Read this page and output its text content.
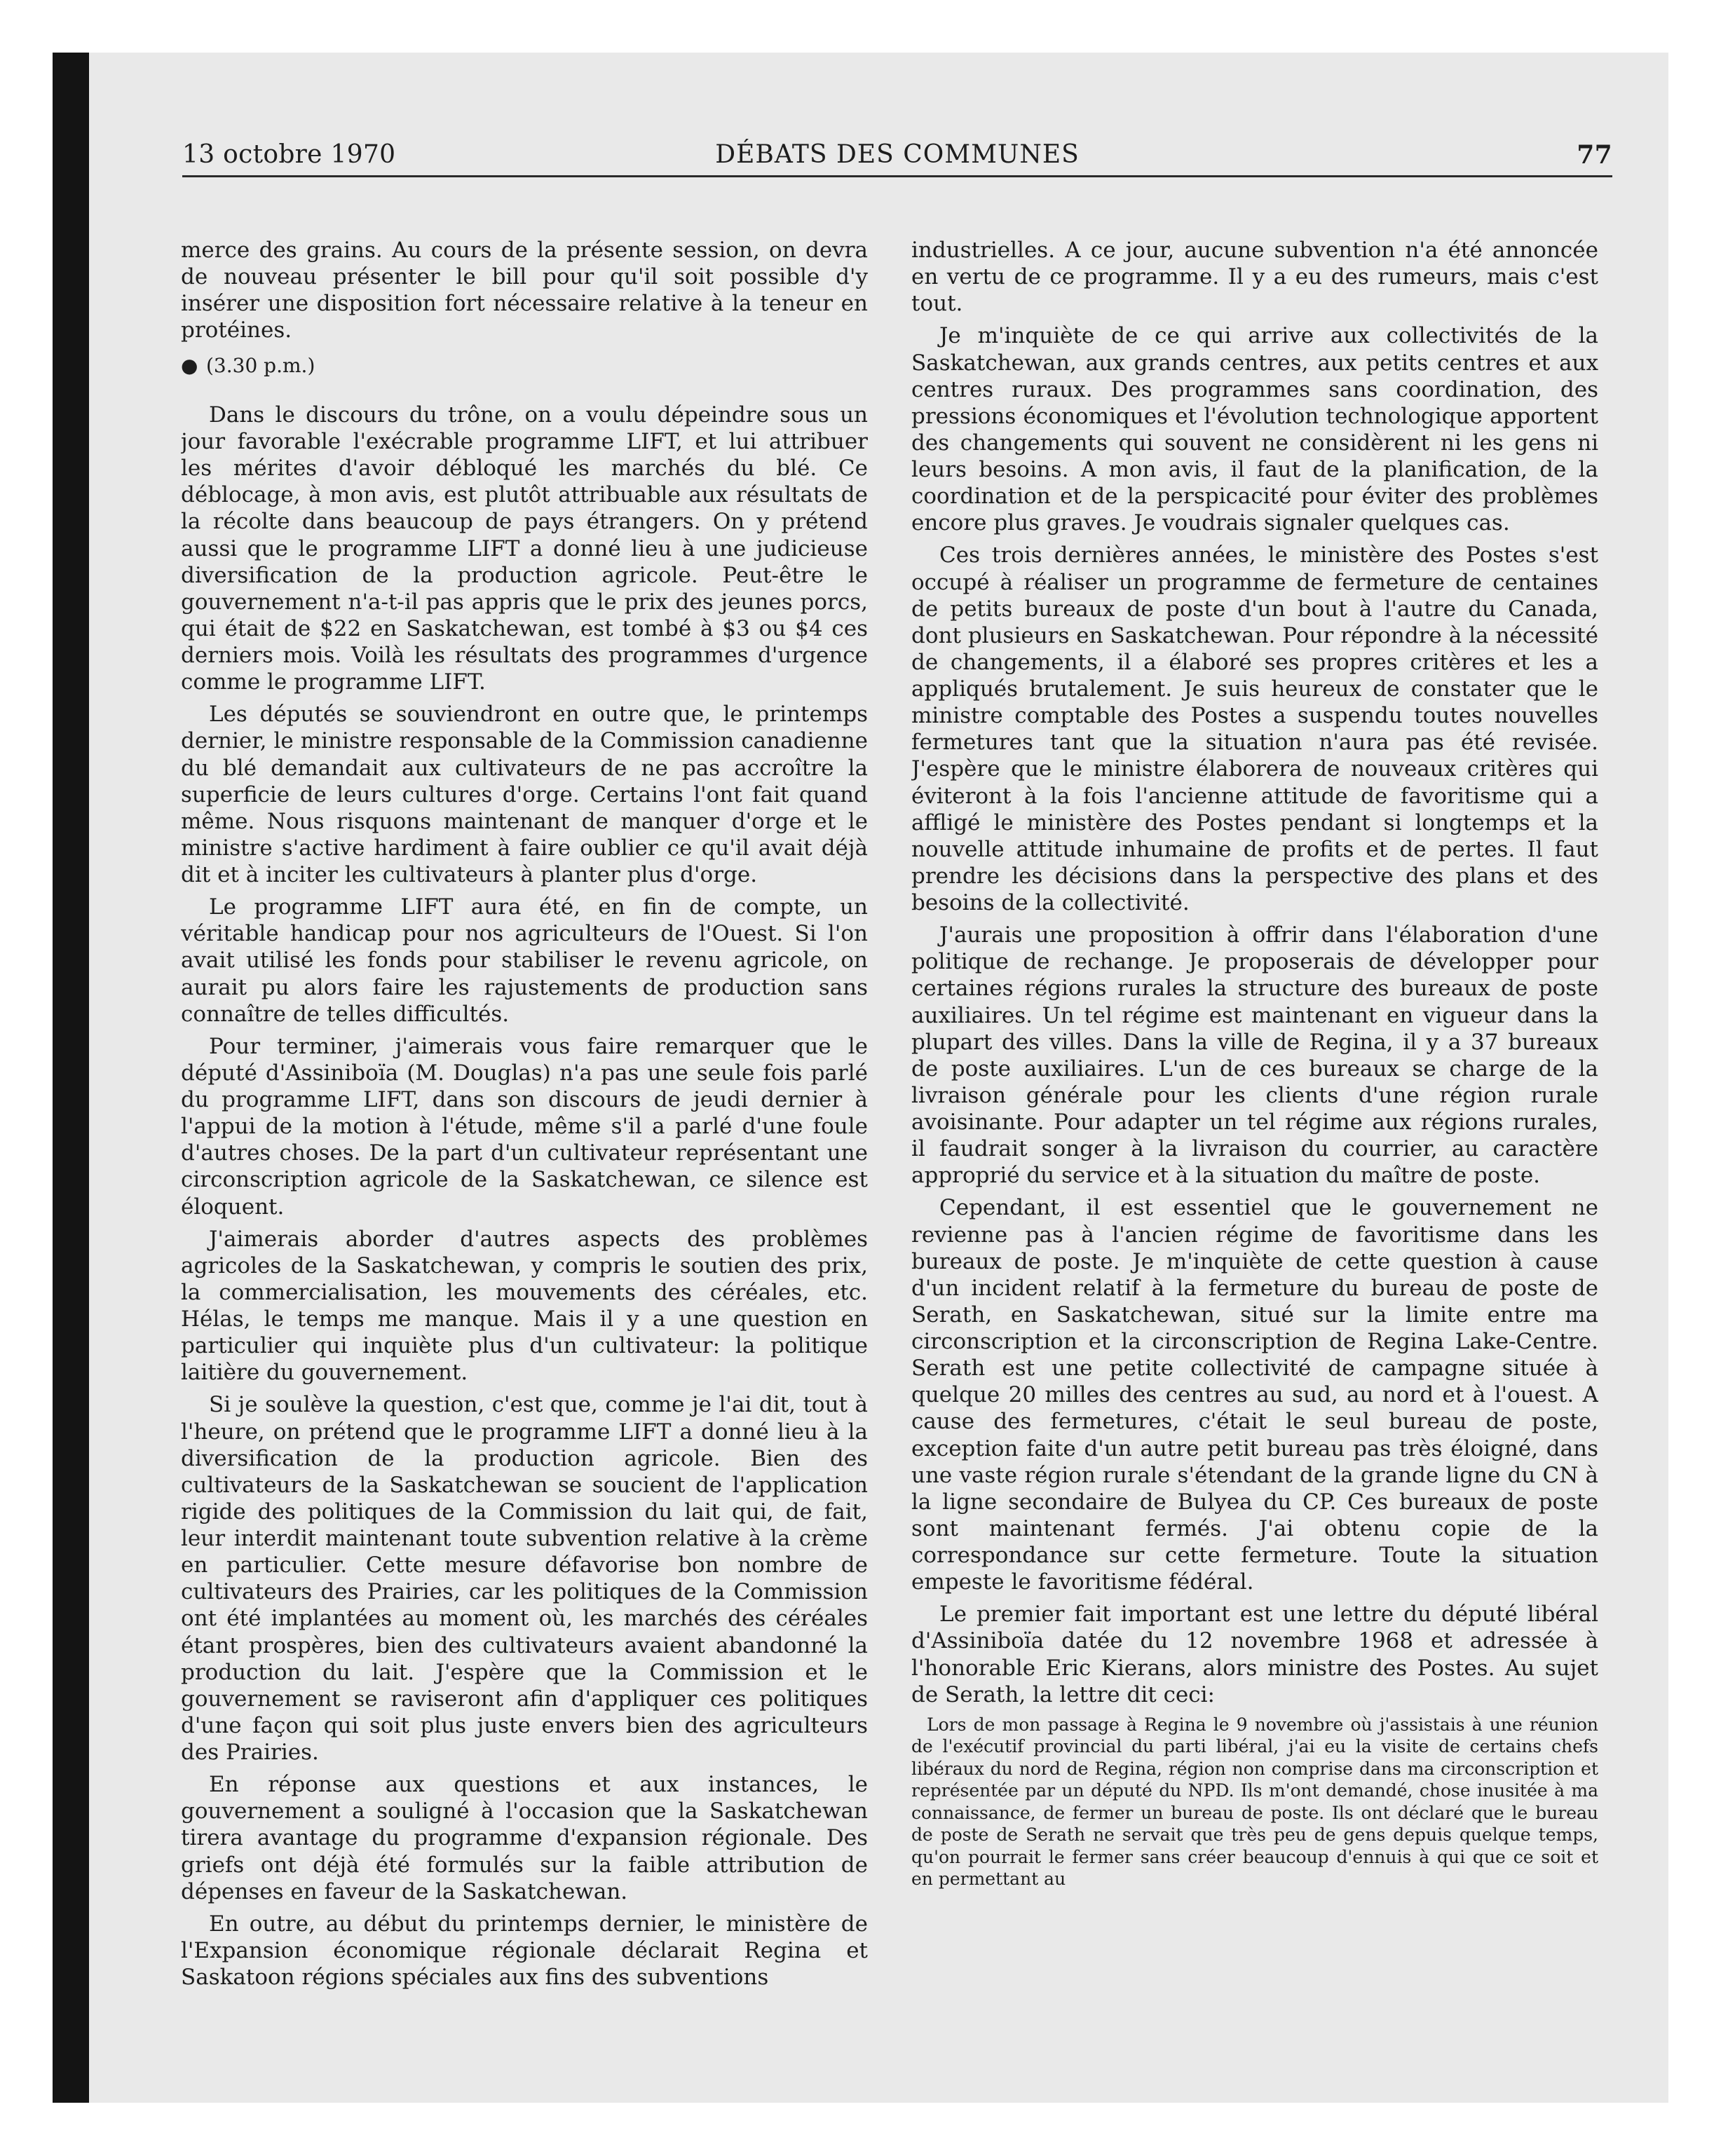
13 octobre 1970	DÉBATS DES COMMUNES	77

merce des grains. Au cours de la présente session, on devra de nouveau présenter le bill pour qu'il soit possible d'y insérer une disposition fort nécessaire relative à la teneur en protéines.

● (3.30 p.m.)

Dans le discours du trône, on a voulu dépeindre sous un jour favorable l'exécrable programme LIFT, et lui attribuer les mérites d'avoir débloqué les marchés du blé. Ce déblocage, à mon avis, est plutôt attribuable aux résultats de la récolte dans beaucoup de pays étrangers. On y prétend aussi que le programme LIFT a donné lieu à une judicieuse diversification de la production agricole. Peut-être le gouvernement n'a-t-il pas appris que le prix des jeunes porcs, qui était de $22 en Saskatchewan, est tombé à $3 ou $4 ces derniers mois. Voilà les résultats des programmes d'urgence comme le programme LIFT.

Les députés se souviendront en outre que, le printemps dernier, le ministre responsable de la Commission canadienne du blé demandait aux cultivateurs de ne pas accroître la superficie de leurs cultures d'orge. Certains l'ont fait quand même. Nous risquons maintenant de manquer d'orge et le ministre s'active hardiment à faire oublier ce qu'il avait déjà dit et à inciter les cultivateurs à planter plus d'orge.

Le programme LIFT aura été, en fin de compte, un véritable handicap pour nos agriculteurs de l'Ouest. Si l'on avait utilisé les fonds pour stabiliser le revenu agricole, on aurait pu alors faire les rajustements de production sans connaître de telles difficultés.

Pour terminer, j'aimerais vous faire remarquer que le député d'Assiniboïa (M. Douglas) n'a pas une seule fois parlé du programme LIFT, dans son discours de jeudi dernier à l'appui de la motion à l'étude, même s'il a parlé d'une foule d'autres choses. De la part d'un cultivateur représentant une circonscription agricole de la Saskatchewan, ce silence est éloquent.

J'aimerais aborder d'autres aspects des problèmes agricoles de la Saskatchewan, y compris le soutien des prix, la commercialisation, les mouvements des céréales, etc. Hélas, le temps me manque. Mais il y a une question en particulier qui inquiète plus d'un cultivateur: la politique laitière du gouvernement.

Si je soulève la question, c'est que, comme je l'ai dit, tout à l'heure, on prétend que le programme LIFT a donné lieu à la diversification de la production agricole. Bien des cultivateurs de la Saskatchewan se soucient de l'application rigide des politiques de la Commission du lait qui, de fait, leur interdit maintenant toute subvention relative à la crème en particulier. Cette mesure défavorise bon nombre de cultivateurs des Prairies, car les politiques de la Commission ont été implantées au moment où, les marchés des céréales étant prospères, bien des cultivateurs avaient abandonné la production du lait. J'espère que la Commission et le gouvernement se raviseront afin d'appliquer ces politiques d'une façon qui soit plus juste envers bien des agriculteurs des Prairies.

En réponse aux questions et aux instances, le gouvernement a souligné à l'occasion que la Saskatchewan tirera avantage du programme d'expansion régionale. Des griefs ont déjà été formulés sur la faible attribution de dépenses en faveur de la Saskatchewan.

En outre, au début du printemps dernier, le ministère de l'Expansion économique régionale déclarait Regina et Saskatoon régions spéciales aux fins des subventions

industrielles. A ce jour, aucune subvention n'a été annoncée en vertu de ce programme. Il y a eu des rumeurs, mais c'est tout.

Je m'inquiète de ce qui arrive aux collectivités de la Saskatchewan, aux grands centres, aux petits centres et aux centres ruraux. Des programmes sans coordination, des pressions économiques et l'évolution technologique apportent des changements qui souvent ne considèrent ni les gens ni leurs besoins. A mon avis, il faut de la planification, de la coordination et de la perspicacité pour éviter des problèmes encore plus graves. Je voudrais signaler quelques cas.

Ces trois dernières années, le ministère des Postes s'est occupé à réaliser un programme de fermeture de centaines de petits bureaux de poste d'un bout à l'autre du Canada, dont plusieurs en Saskatchewan. Pour répondre à la nécessité de changements, il a élaboré ses propres critères et les a appliqués brutalement. Je suis heureux de constater que le ministre comptable des Postes a suspendu toutes nouvelles fermetures tant que la situation n'aura pas été revisée. J'espère que le ministre élaborera de nouveaux critères qui éviteront à la fois l'ancienne attitude de favoritisme qui a affligé le ministère des Postes pendant si longtemps et la nouvelle attitude inhumaine de profits et de pertes. Il faut prendre les décisions dans la perspective des plans et des besoins de la collectivité.

J'aurais une proposition à offrir dans l'élaboration d'une politique de rechange. Je proposerais de développer pour certaines régions rurales la structure des bureaux de poste auxiliaires. Un tel régime est maintenant en vigueur dans la plupart des villes. Dans la ville de Regina, il y a 37 bureaux de poste auxiliaires. L'un de ces bureaux se charge de la livraison générale pour les clients d'une région rurale avoisinante. Pour adapter un tel régime aux régions rurales, il faudrait songer à la livraison du courrier, au caractère approprié du service et à la situation du maître de poste.

Cependant, il est essentiel que le gouvernement ne revienne pas à l'ancien régime de favoritisme dans les bureaux de poste. Je m'inquiète de cette question à cause d'un incident relatif à la fermeture du bureau de poste de Serath, en Saskatchewan, situé sur la limite entre ma circonscription et la circonscription de Regina Lake-Centre. Serath est une petite collectivité de campagne située à quelque 20 milles des centres au sud, au nord et à l'ouest. A cause des fermetures, c'était le seul bureau de poste, exception faite d'un autre petit bureau pas très éloigné, dans une vaste région rurale s'étendant de la grande ligne du CN à la ligne secondaire de Bulyea du CP. Ces bureaux de poste sont maintenant fermés. J'ai obtenu copie de la correspondance sur cette fermeture. Toute la situation empeste le favoritisme fédéral.

Le premier fait important est une lettre du député libéral d'Assiniboïa datée du 12 novembre 1968 et adressée à l'honorable Eric Kierans, alors ministre des Postes. Au sujet de Serath, la lettre dit ceci:

Lors de mon passage à Regina le 9 novembre où j'assistais à une réunion de l'exécutif provincial du parti libéral, j'ai eu la visite de certains chefs libéraux du nord de Regina, région non comprise dans ma circonscription et représentée par un député du NPD. Ils m'ont demandé, chose inusitée à ma connaissance, de fermer un bureau de poste. Ils ont déclaré que le bureau de poste de Serath ne servait que très peu de gens depuis quelque temps, qu'on pourrait le fermer sans créer beaucoup d'ennuis à qui que ce soit et en permettant au
